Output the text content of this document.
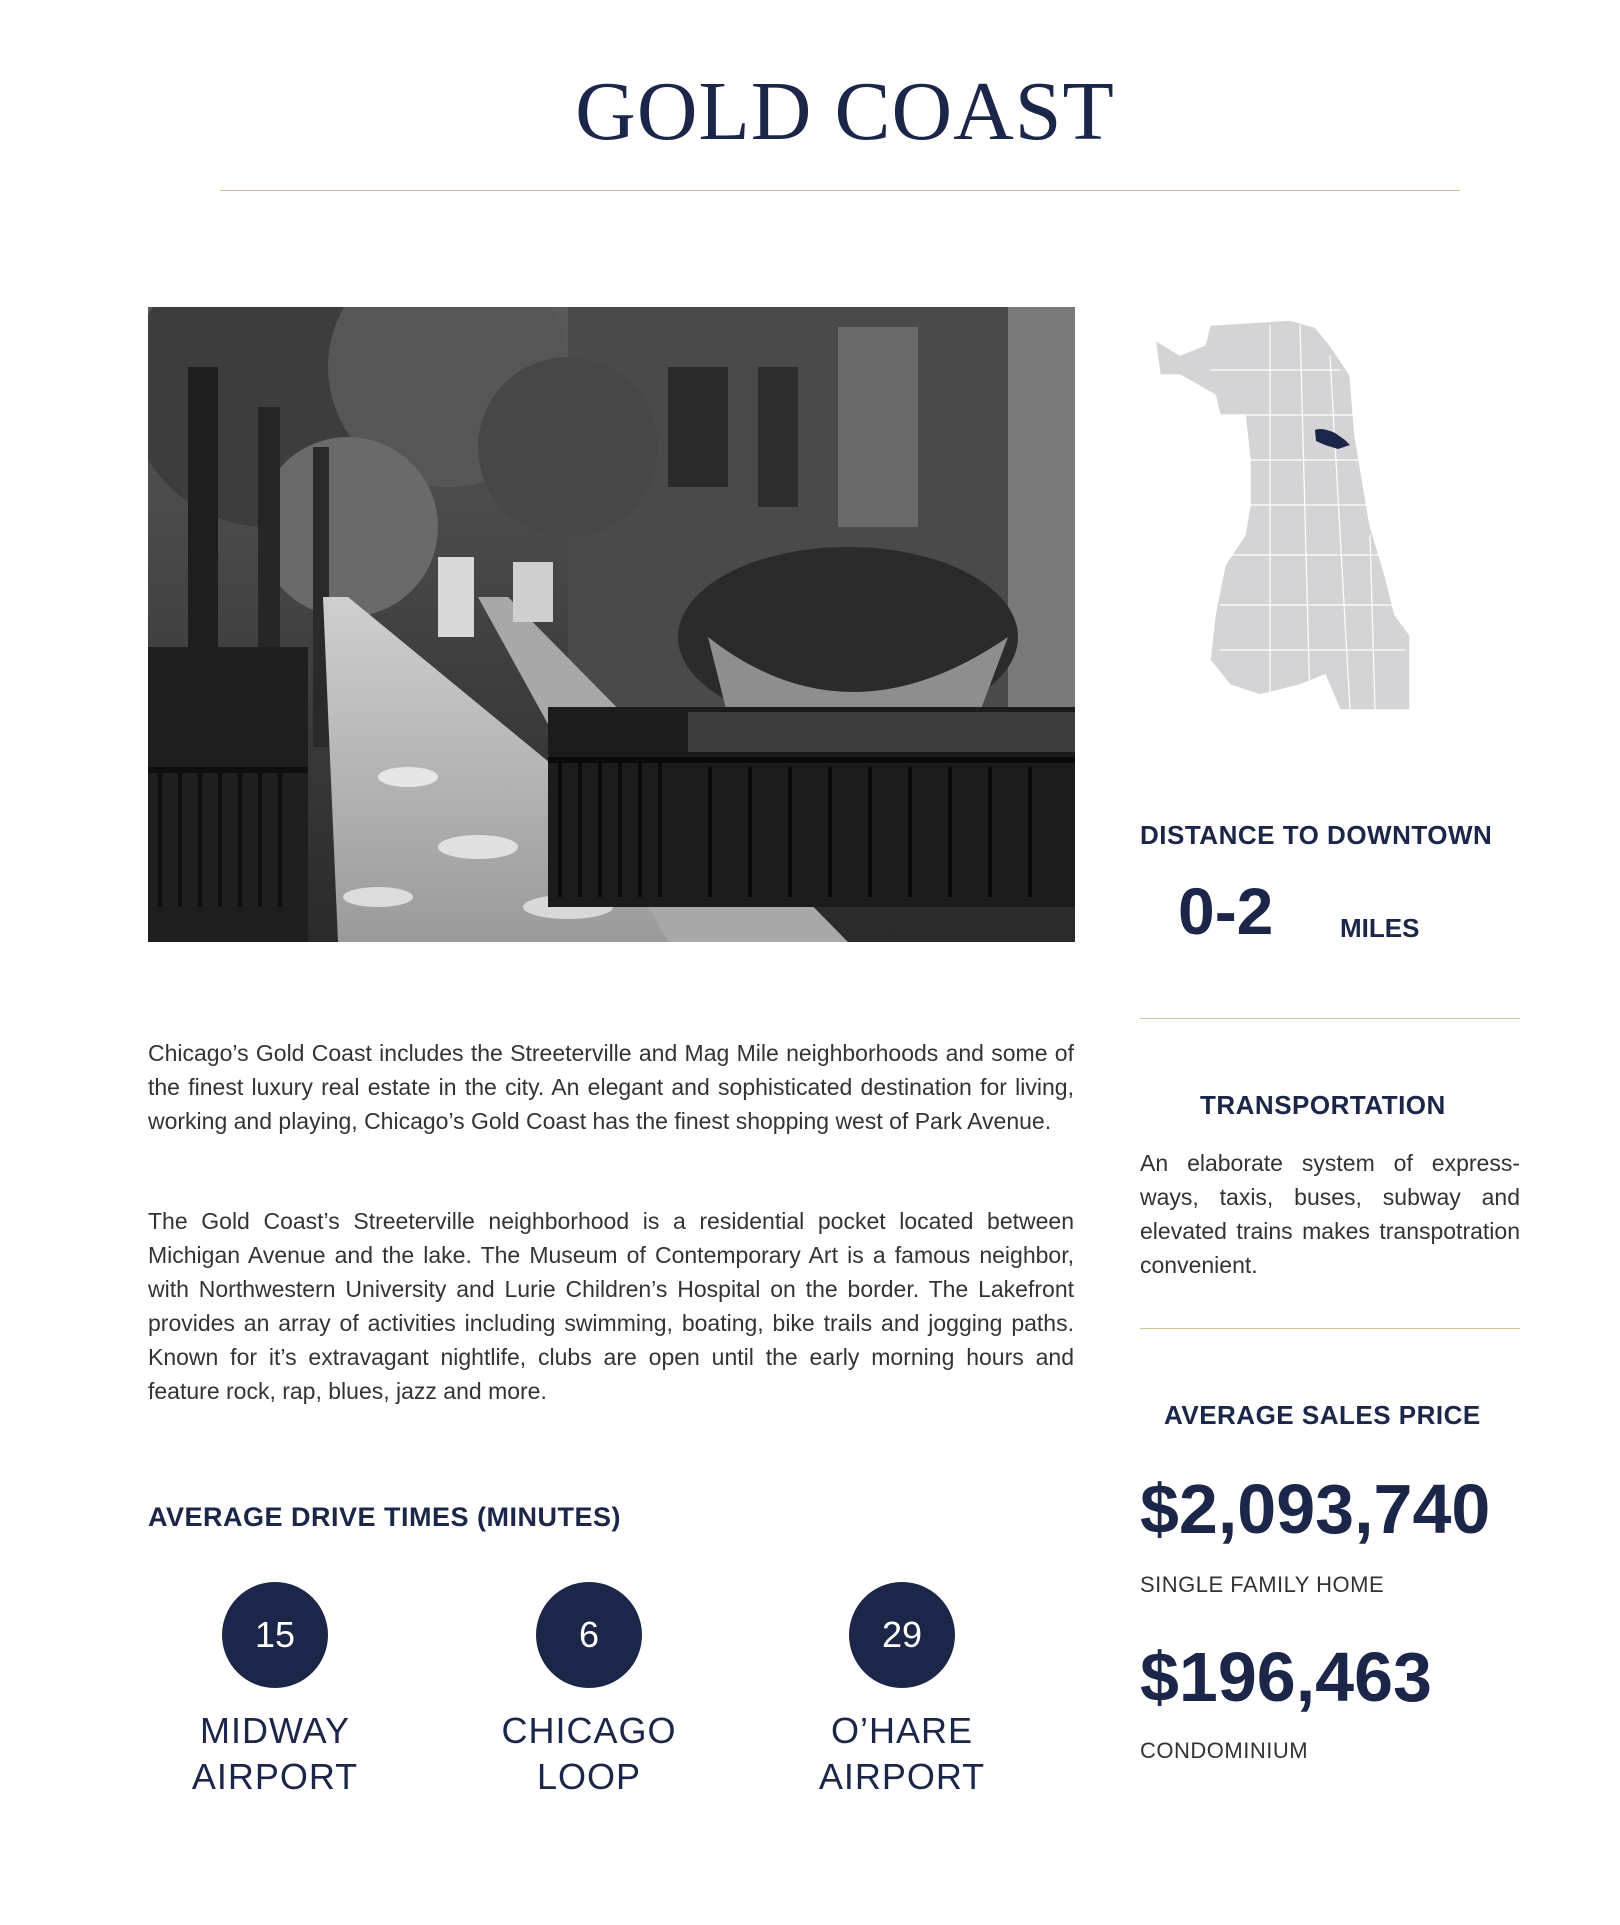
GOLD COAST
DISTANCE TO DOWNTOWN
0-2	MILES
TRANSPORTATION
An elaborate system of express-ways, taxis, buses, subway and elevated trains makes transpotration convenient.
AVERAGE SALES PRICE
$2,093,740
SINGLE FAMILY HOME
$196,463
CONDOMINIUM

Chicago’s Gold Coast includes the Streeterville and Mag Mile neighborhoods and some of the finest luxury real estate in the city. An elegant and sophisticated destination for living, working and playing, Chicago’s Gold Coast has the finest shopping west of Park Avenue.

The Gold Coast’s Streeterville neighborhood is a residential pocket located between Michigan Avenue and the lake. The Museum of Contemporary Art is a famous neighbor, with Northwestern University and Lurie Children’s Hospital on the border. The Lakefront provides an array of activities including swimming, boating, bike trails and jogging paths. Known for it’s extravagant nightlife, clubs are open until the early morning hours and feature rock, rap, blues, jazz and more.

AVERAGE DRIVE TIMES (MINUTES)
15
MIDWAY
AIRPORT
6
CHICAGO
LOOP
29
O’HARE
AIRPORT
